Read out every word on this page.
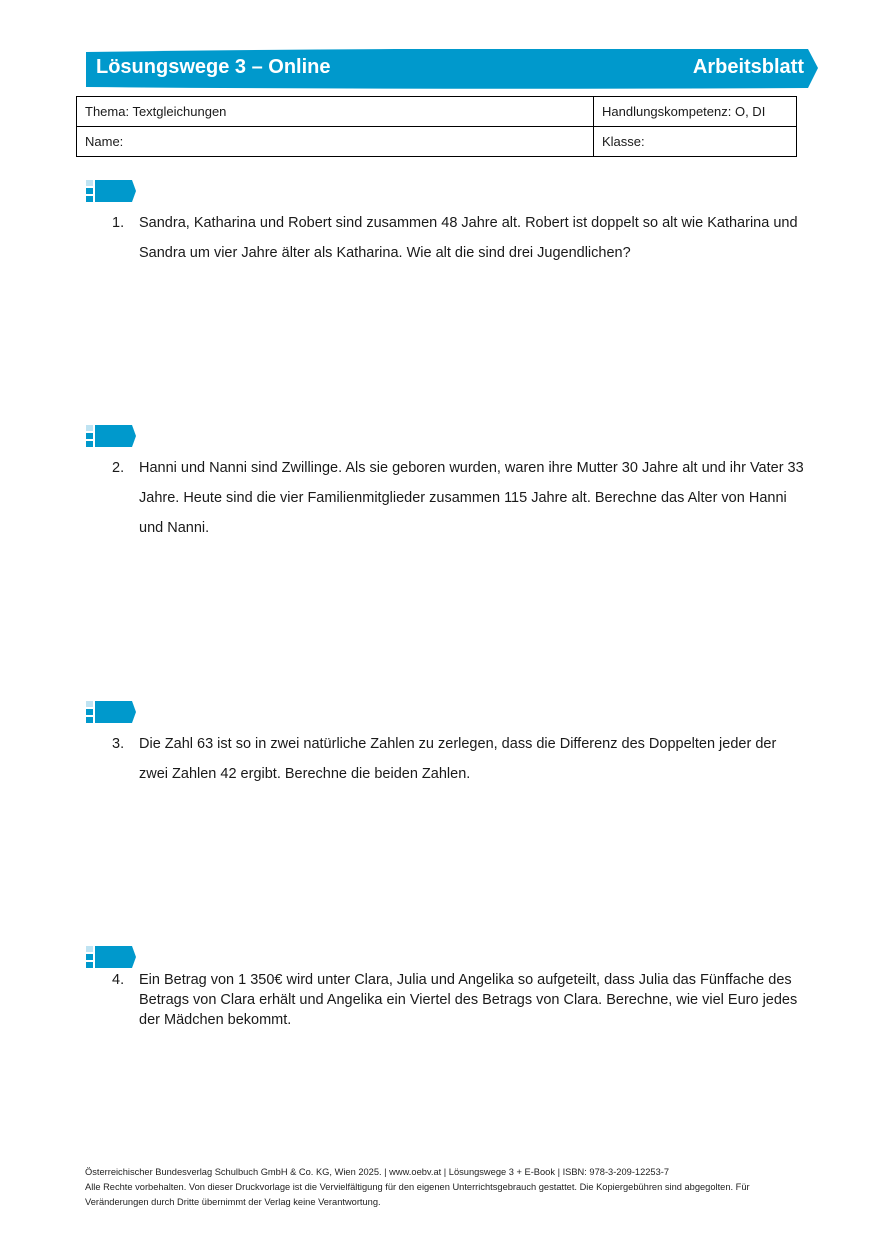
Lösungswege 3 – Online	Arbeitsblatt
Thema: Textgleichungen	Handlungskompetenz: O, DI
Name:	Klasse:
1. Sandra, Katharina und Robert sind zusammen 48 Jahre alt. Robert ist doppelt so alt wie Katharina und Sandra um vier Jahre älter als Katharina. Wie alt die sind drei Jugendlichen?
2. Hanni und Nanni sind Zwillinge. Als sie geboren wurden, waren ihre Mutter 30 Jahre alt und ihr Vater 33 Jahre. Heute sind die vier Familienmitglieder zusammen 115 Jahre alt. Berechne das Alter von Hanni und Nanni.
3. Die Zahl 63 ist so in zwei natürliche Zahlen zu zerlegen, dass die Differenz des Doppelten jeder der zwei Zahlen 42 ergibt. Berechne die beiden Zahlen.
4. Ein Betrag von 1 350€ wird unter Clara, Julia und Angelika so aufgeteilt, dass Julia das Fünffache des Betrags von Clara erhält und Angelika ein Viertel des Betrags von Clara. Berechne, wie viel Euro jedes der Mädchen bekommt.
Österreichischer Bundesverlag Schulbuch GmbH & Co. KG, Wien 2025. | www.oebv.at | Lösungswege 3 + E-Book | ISBN: 978-3-209-12253-7
Alle Rechte vorbehalten. Von dieser Druckvorlage ist die Vervielfältigung für den eigenen Unterrichtsgebrauch gestattet. Die Kopiergebühren sind abgegolten. Für Veränderungen durch Dritte übernimmt der Verlag keine Verantwortung.
